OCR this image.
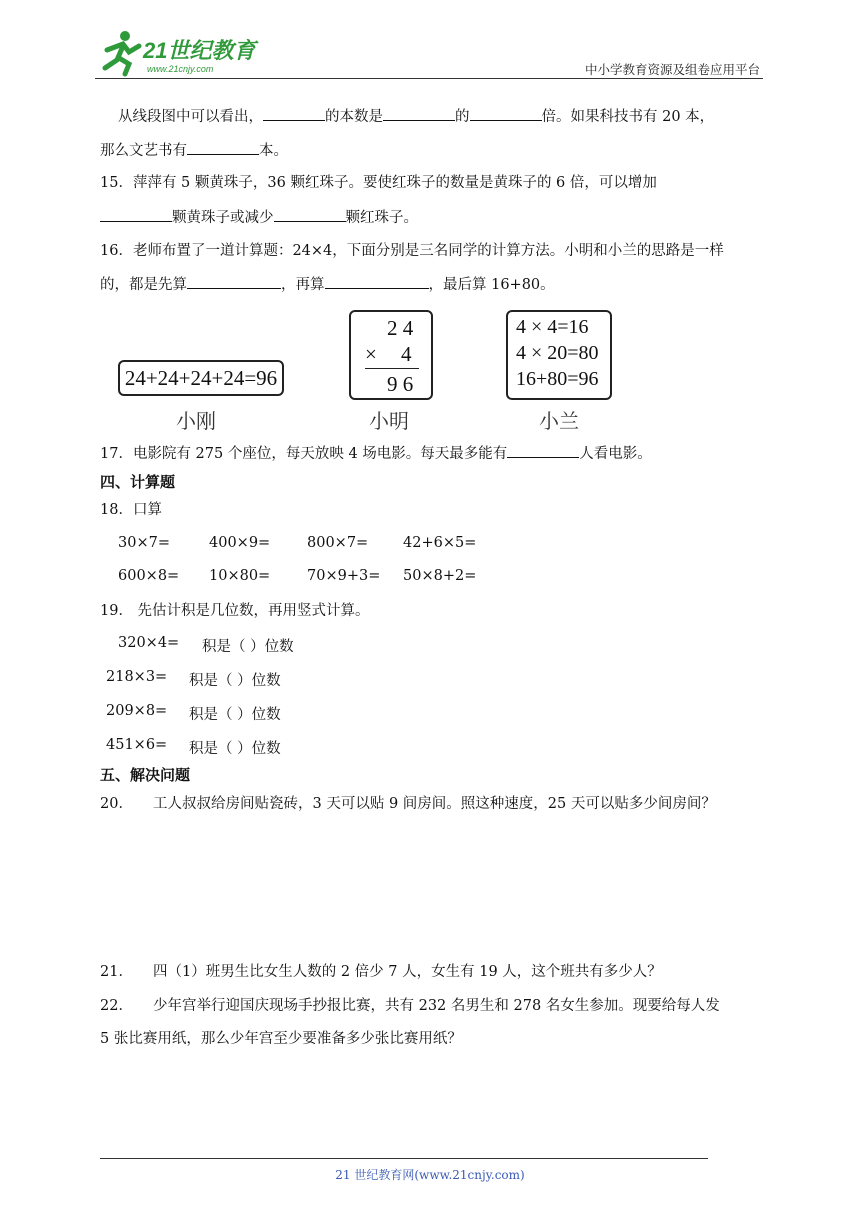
21世纪教育
www.21cnjy.com	中小学教育资源及组卷应用平台
从线段图中可以看出，	的本数是	的	倍。如果科技书有 20 本，
那么文艺书有	本。
15．萍萍有 5 颗黄珠子，36 颗红珠子。要使红珠子的数量是黄珠子的 6 倍，可以增加
颗黄珠子或减少	颗红珠子。
16．老师布置了一道计算题：24×4，下面分别是三名同学的计算方法。小明和小兰的思路是一样
的，都是先算	，再算	，最后算 16+80。
24+24+24+24=96
小刚
2 4
× 4
9 6
小明
4 × 4=16
4 × 20=80
16+80=96
小兰
17．电影院有 275 个座位，每天放映 4 场电影。每天最多能有	人看电影。
四、计算题
18．口算
30×7=	400×9=	800×7= 42+6×5=
600×8= 10×80=	70×9+3= 50×8+2=
19． 先估计积是几位数，再用竖式计算。
320×4= 积是（ ）位数
218×3= 积是（ ）位数
209×8= 积是（ ）位数
451×6= 积是（ ）位数
五、解决问题
20． 工人叔叔给房间贴瓷砖，3 天可以贴 9 间房间。照这种速度，25 天可以贴多少间房间？
21． 四（1）班男生比女生人数的 2 倍少 7 人，女生有 19 人，这个班共有多少人？
22． 少年宫举行迎国庆现场手抄报比赛，共有 232 名男生和 278 名女生参加。现要给每人发
5 张比赛用纸，那么少年宫至少要准备多少张比赛用纸？
21 世纪教育网(www.21cnjy.com)
